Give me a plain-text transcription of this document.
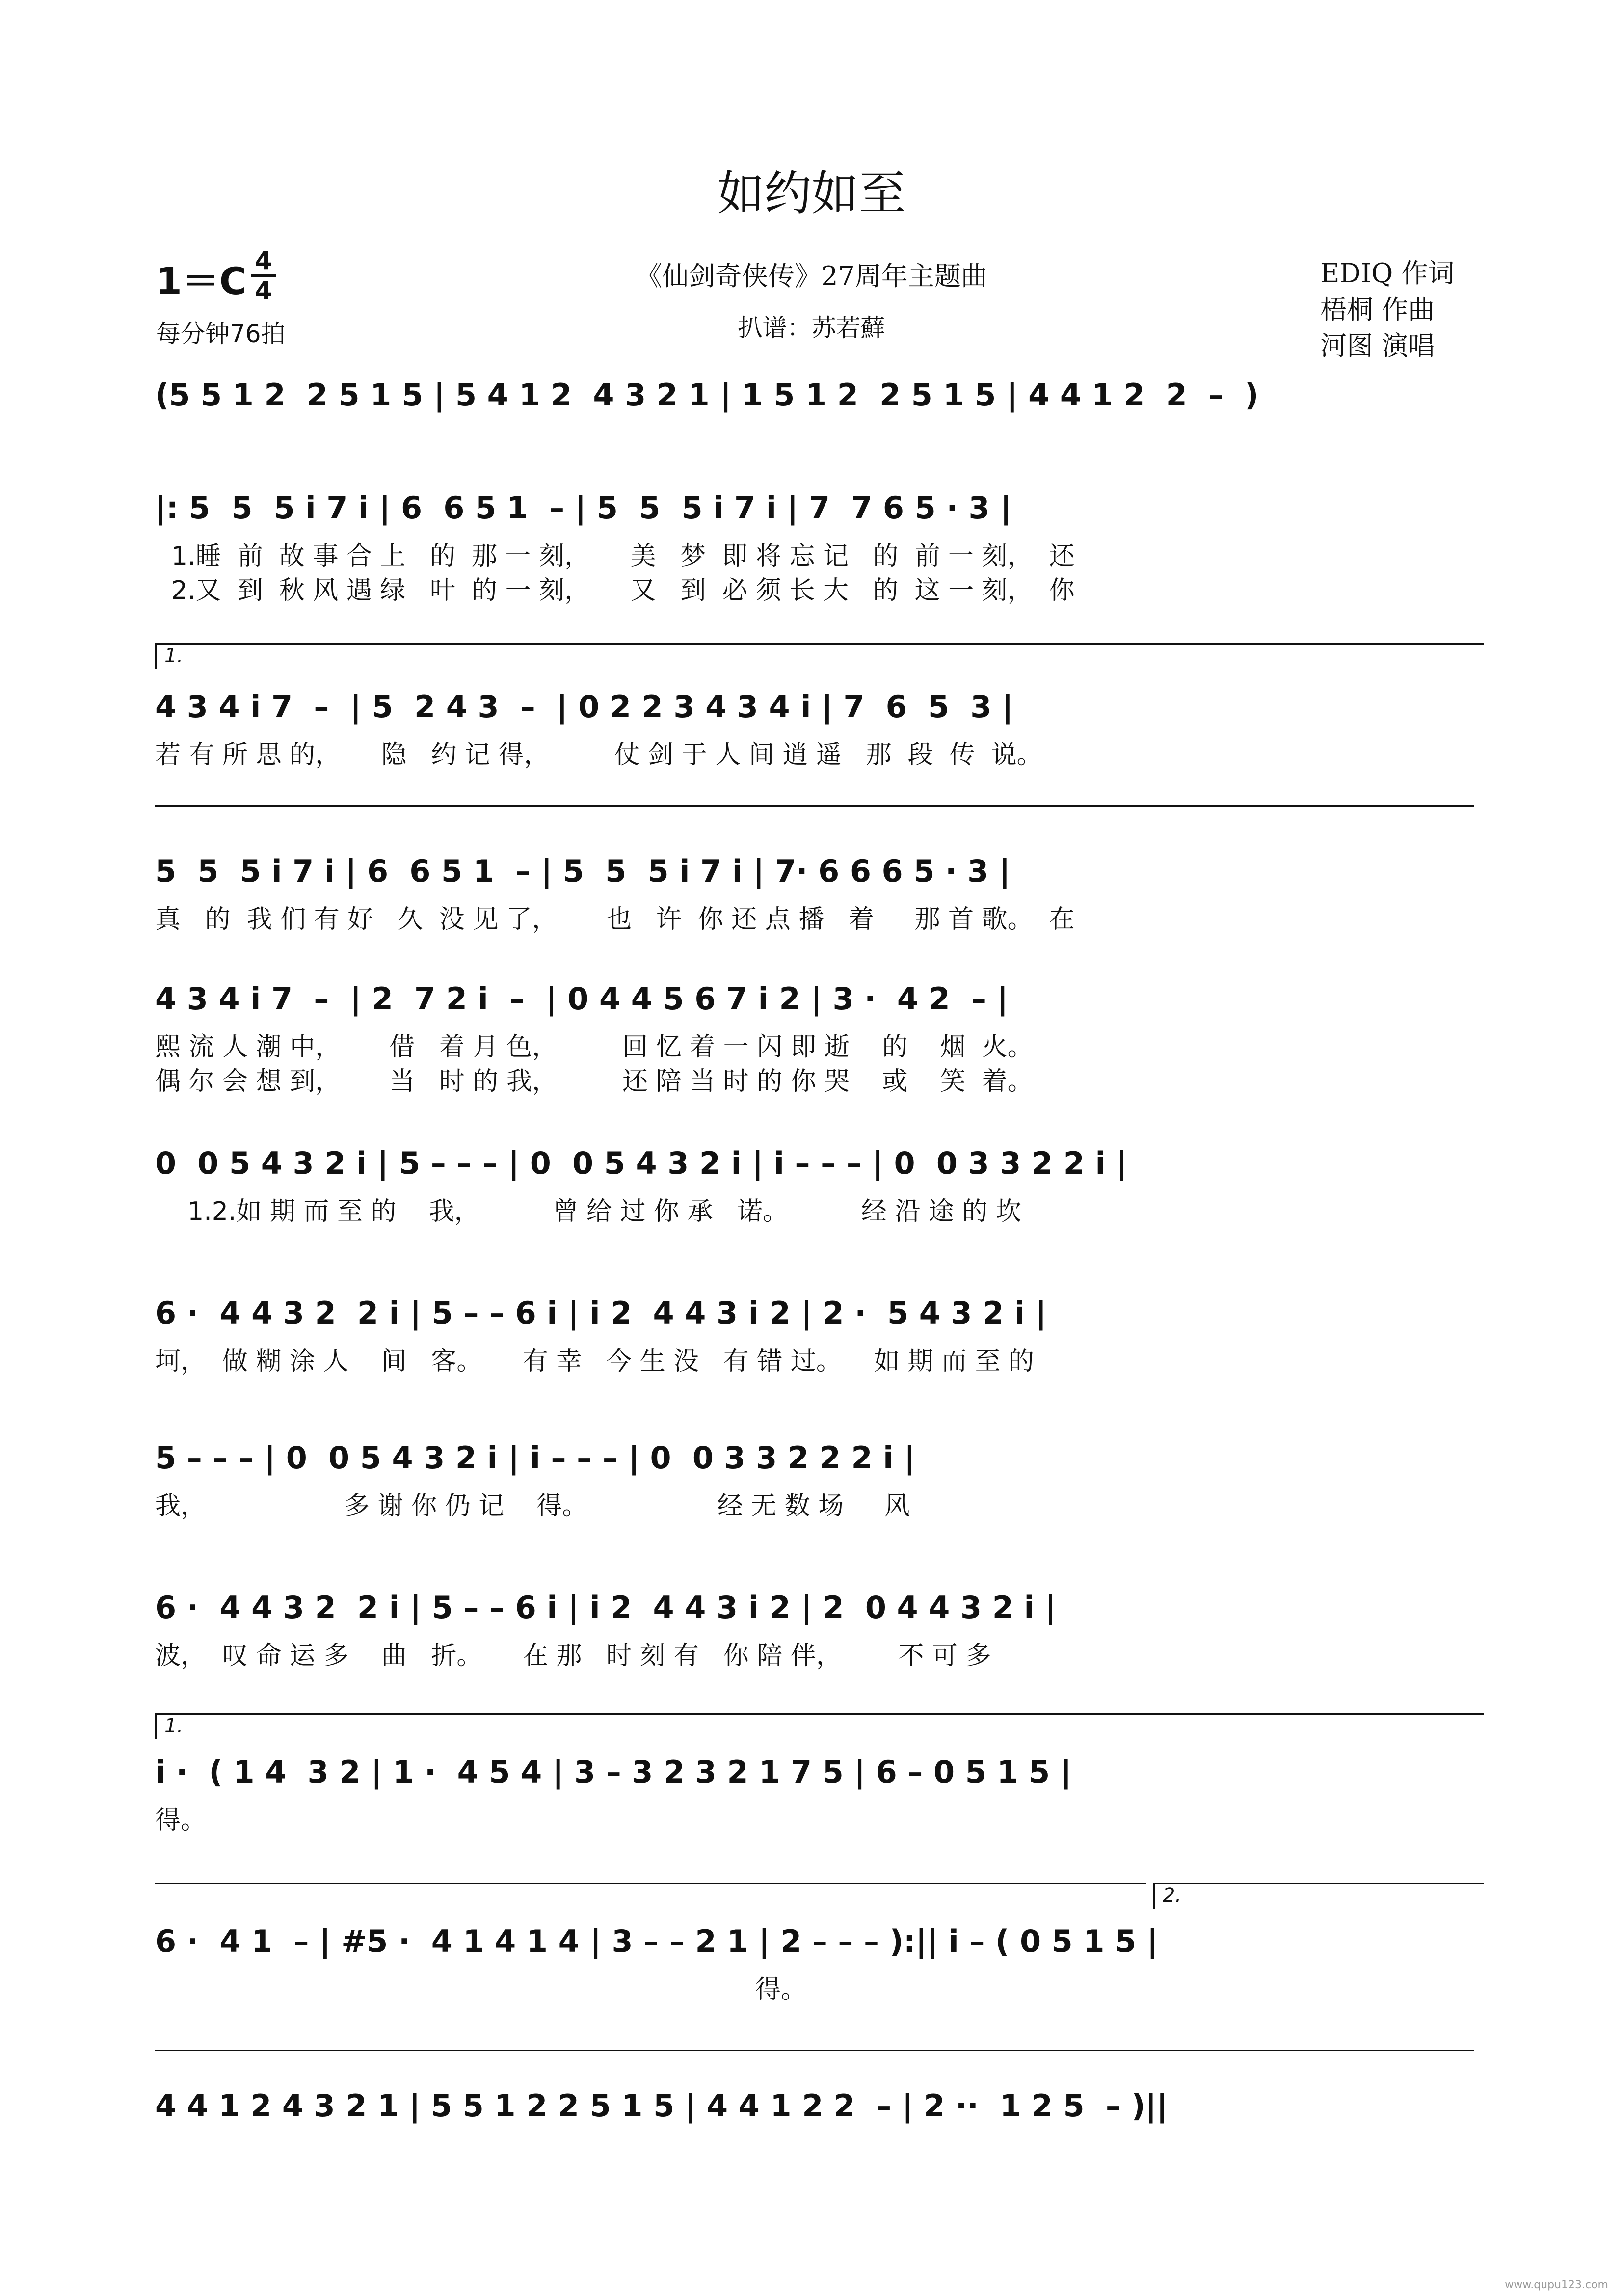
如约如至
1＝C 4
4
每分钟76拍
《仙剑奇侠传》27周年主题曲
扒谱：苏若蘚
EDIQ 作词
梧桐 作曲
河图 演唱
(5 5 1 2  2 5 1 5 | 5 4 1 2  4 3 2 1 | 1 5 1 2  2 5 1 5 | 4 4 1 2  2  –  )
|: 5  5  5 i 7 i | 6  6 5 1  – | 5  5  5 i 7 i | 7  7 6 5 · 3 |
1.睡  前  故 事 合 上   的  那 一 刻，     美   梦  即 将 忘 记   的  前 一 刻，  还
2.又  到  秋 风 遇 绿   叶  的 一 刻，     又   到  必 须 长 大   的  这 一 刻，  你
1.
4 3 4 i 7  –  | 5  2 4 3  –  | 0 2 2 3 4 3 4 i | 7  6  5  3 |
若 有 所 思 的，     隐   约 记 得，        仗 剑 于 人 间 逍 遥   那  段  传  说。
5  5  5 i 7 i | 6  6 5 1  – | 5  5  5 i 7 i | 7· 6 6 6 5 · 3 |
真   的  我 们 有 好   久  没 见 了，      也   许  你 还 点 播   着     那 首 歌。  在
4 3 4 i 7  –  | 2  7 2 i  –  | 0 4 4 5 6 7 i 2 | 3 ·  4 2  – |
熙 流 人 潮 中，      借   着 月 色，        回 忆 着 一 闪 即 逝    的    烟  火。
偶 尔 会 想 到，      当   时 的 我，        还 陪 当 时 的 你 哭    或    笑  着。
0  0 5 4 3 2 i | 5 – – – | 0  0 5 4 3 2 i | i – – – | 0  0 3 3 2 2 i |
1.2.如 期 而 至 的    我，         曾 给 过 你 承   诺。         经 沿 途 的 坎
6 ·  4 4 3 2  2 i | 5 – – 6 i | i 2  4 4 3 i 2 | 2 ·  5 4 3 2 i |
坷，  做 糊 涂 人    间   客。     有 幸   今 生 没   有 错 过。    如 期 而 至 的
5 – – – | 0  0 5 4 3 2 i | i – – – | 0  0 3 3 2 2 2 i |
我，                 多 谢 你 仍 记    得。                经 无 数 场     风
6 ·  4 4 3 2  2 i | 5 – – 6 i | i 2  4 4 3 i 2 | 2  0 4 4 3 2 i |
波，  叹 命 运 多    曲   折。     在 那   时 刻 有   你 陪 伴，       不 可 多
1.
i ·  ( 1 4  3 2 | 1 ·  4 5 4 | 3 – 3 2 3 2 1 7 5 | 6 – 0 5 1 5 |
得。
2.
6 ·  4 1  – | #5 ·  4 1 4 1 4 | 3 – – 2 1 | 2 – – – ):|| i – ( 0 5 1 5 |
得。
4 4 1 2 4 3 2 1 | 5 5 1 2 2 5 1 5 | 4 4 1 2 2  – | 2 ··  1 2 5  – )||
www.qupu123.com
